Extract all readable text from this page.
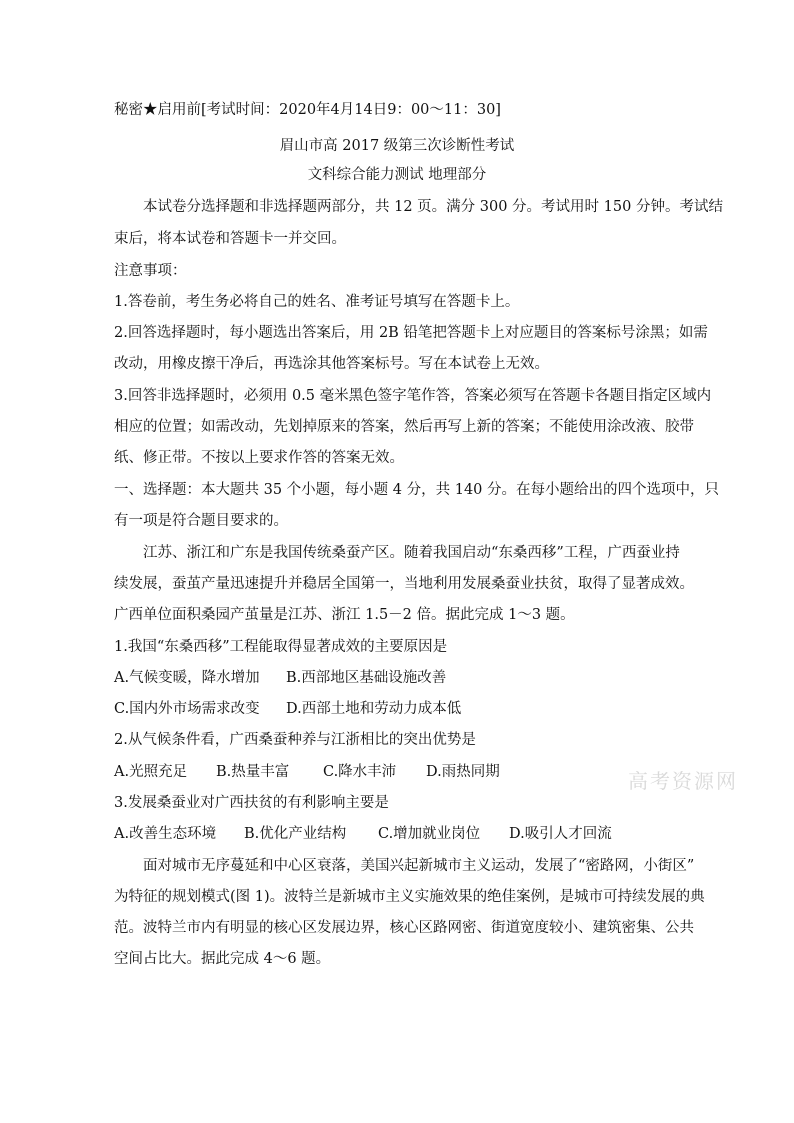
秘密★启用前[考试时间：2020年4月14日9：00～11：30]
眉山市高 2017 级第三次诊断性考试
文科综合能力测试 地理部分
本试卷分选择题和非选择题两部分，共 12 页。满分 300 分。考试用时 150 分钟。考试结
束后，将本试卷和答题卡一并交回。
注意事项：
1.答卷前，考生务必将自己的姓名、准考证号填写在答题卡上。
2.回答选择题时，每小题选出答案后，用 2B 铅笔把答题卡上对应题目的答案标号涂黑；如需
改动，用橡皮擦干净后，再选涂其他答案标号。写在本试卷上无效。
3.回答非选择题时，必须用 0.5 毫米黑色签字笔作答，答案必须写在答题卡各题目指定区域内
相应的位置；如需改动，先划掉原来的答案，然后再写上新的答案；不能使用涂改液、胶带
纸、修正带。不按以上要求作答的答案无效。
一、选择题：本大题共 35 个小题，每小题 4 分，共 140 分。在每小题给出的四个选项中，只
有一项是符合题目要求的。
江苏、浙江和广东是我国传统桑蚕产区。随着我国启动“东桑西移”工程，广西蚕业持
续发展，蚕茧产量迅速提升并稳居全国第一，当地利用发展桑蚕业扶贫，取得了显著成效。
广西单位面积桑园产茧量是江苏、浙江 1.5－2 倍。据此完成 1～3 题。
1.我国“东桑西移”工程能取得显著成效的主要原因是
A.气候变暖，降水增加 B.西部地区基础设施改善
C.国内外市场需求改变 D.西部土地和劳动力成本低
2.从气候条件看，广西桑蚕种养与江浙相比的突出优势是
A.光照充足 B.热量丰富 C.降水丰沛 D.雨热同期
3.发展桑蚕业对广西扶贫的有利影响主要是
A.改善生态环境 B.优化产业结构 C.增加就业岗位 D.吸引人才回流
面对城市无序蔓延和中心区衰落，美国兴起新城市主义运动，发展了“密路网，小街区”
为特征的规划模式(图 1)。波特兰是新城市主义实施效果的绝佳案例，是城市可持续发展的典
范。波特兰市内有明显的核心区发展边界，核心区路网密、街道宽度较小、建筑密集、公共
空间占比大。据此完成 4～6 题。
高考资源网
